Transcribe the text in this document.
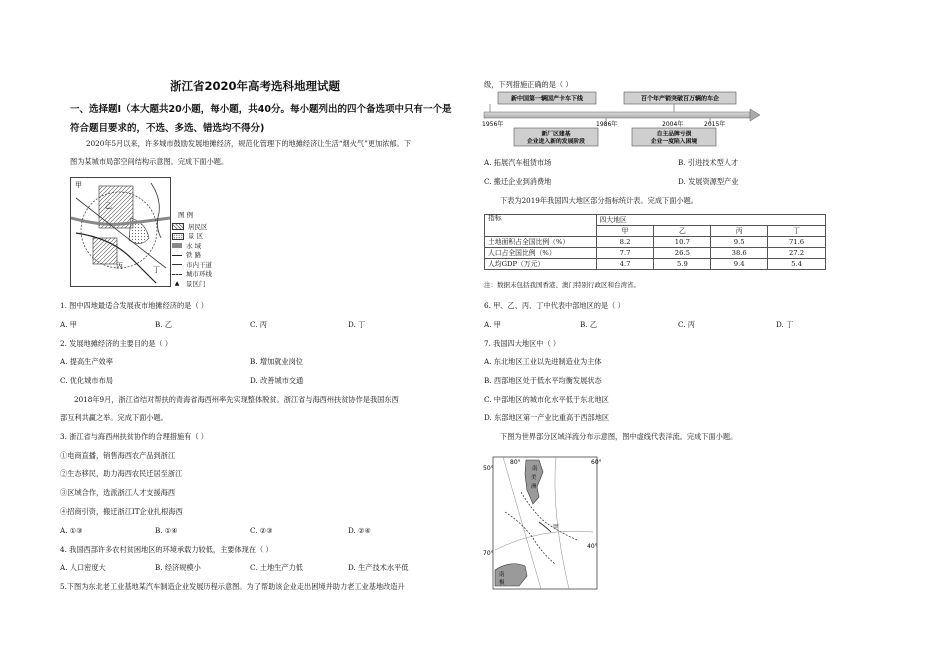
浙江省2020年高考选科地理试题
一、选择题Ⅰ（本大题共20小题，每小题，共40分。每小题列出的四个备选项中只有一个是
符合题目要求的，不选、多选、错选均不得分)
2020年5月以来，许多城市鼓励发展地摊经济，规范化管理下的地摊经济让生活“烟火气”更加浓郁。下
图为某城市局部空间结构示意图。完成下面小题。
甲
乙
丙	丁
图 例
居民区
景 区
水 域
铁 路
市内干道
城市环线
▲	景区门
1. 图中四地最适合发展夜市地摊经济的是（ ）
A. 甲	B. 乙	C. 丙	D. 丁
2. 发展地摊经济的主要目的是（ ）
A. 提高生产效率	B. 增加就业岗位
C. 优化城市布局	D. 改善城市交通
2018年9月，浙江省结对帮扶的青海省海西州率先实现整体脱贫。浙江省与海西州扶贫协作是我国东西
部互利共赢之举。完成下面小题。
3. 浙江省与海西州扶贫协作的合理措施有（ ）
①电商直播，销售海西农产品到浙江
②生态移民，助力海西农民迁居至浙江
③区域合作，选派浙江人才支援海西
④招商引资，搬迁浙江IT企业扎根海西
A. ①③	B. ①④	C. ②③	D. ②④
4. 我国西部许多农村贫困地区的环境承载力较低，主要体现在（ ）
A. 人口密度大	B. 经济规模小	C. 土地生产力低	D. 生产技术水平低
5.下图为东北老工业基地某汽车制造企业发展历程示意图。为了帮助该企业走出困境并助力老工业基地改造升
级，下列措施正确的是（ ）
新中国第一辆国产卡车下线	百个年产销突破百万辆的车企
1956年	1986年	2004年	2015年
新厂区建基
企业进入新的发展阶段
自主品牌亏损
企业一度陷入困境
A. 拓展汽车租赁市场	B. 引进技术型人才
C. 搬迁企业到消费地	D. 发展资源型产业
下表为2019年我国四大地区部分指标统计表。完成下面小题。
指标	四大地区			
	甲	乙	丙	丁
土地面积占全国比例（%）	8.2	10.7	9.5	71.6
人口占全国比例（%）	7.7	26.5	38.6	27.2
人均GDP（万元）	4.7	5.9	9.4	5.4
注：数据未包括我国香港、澳门特别行政区和台湾省。
6. 甲、乙、丙、丁中代表中部地区的是（ ）
A. 甲	B. 乙	C. 丙	D. 丁
7. 我国四大地区中（ ）
A. 东北地区工业以先进制造业为主体
B. 西部地区处于低水平均衡发展状态
C. 中部地区的城市化水平低于东北地区
D. 东部地区第一产业比重高于西部地区
下图为世界部分区域洋流分布示意图，图中虚线代表洋流。完成下面小题。
80°
50°
70°
60°
40°
南
美
洲
甲
南
极
